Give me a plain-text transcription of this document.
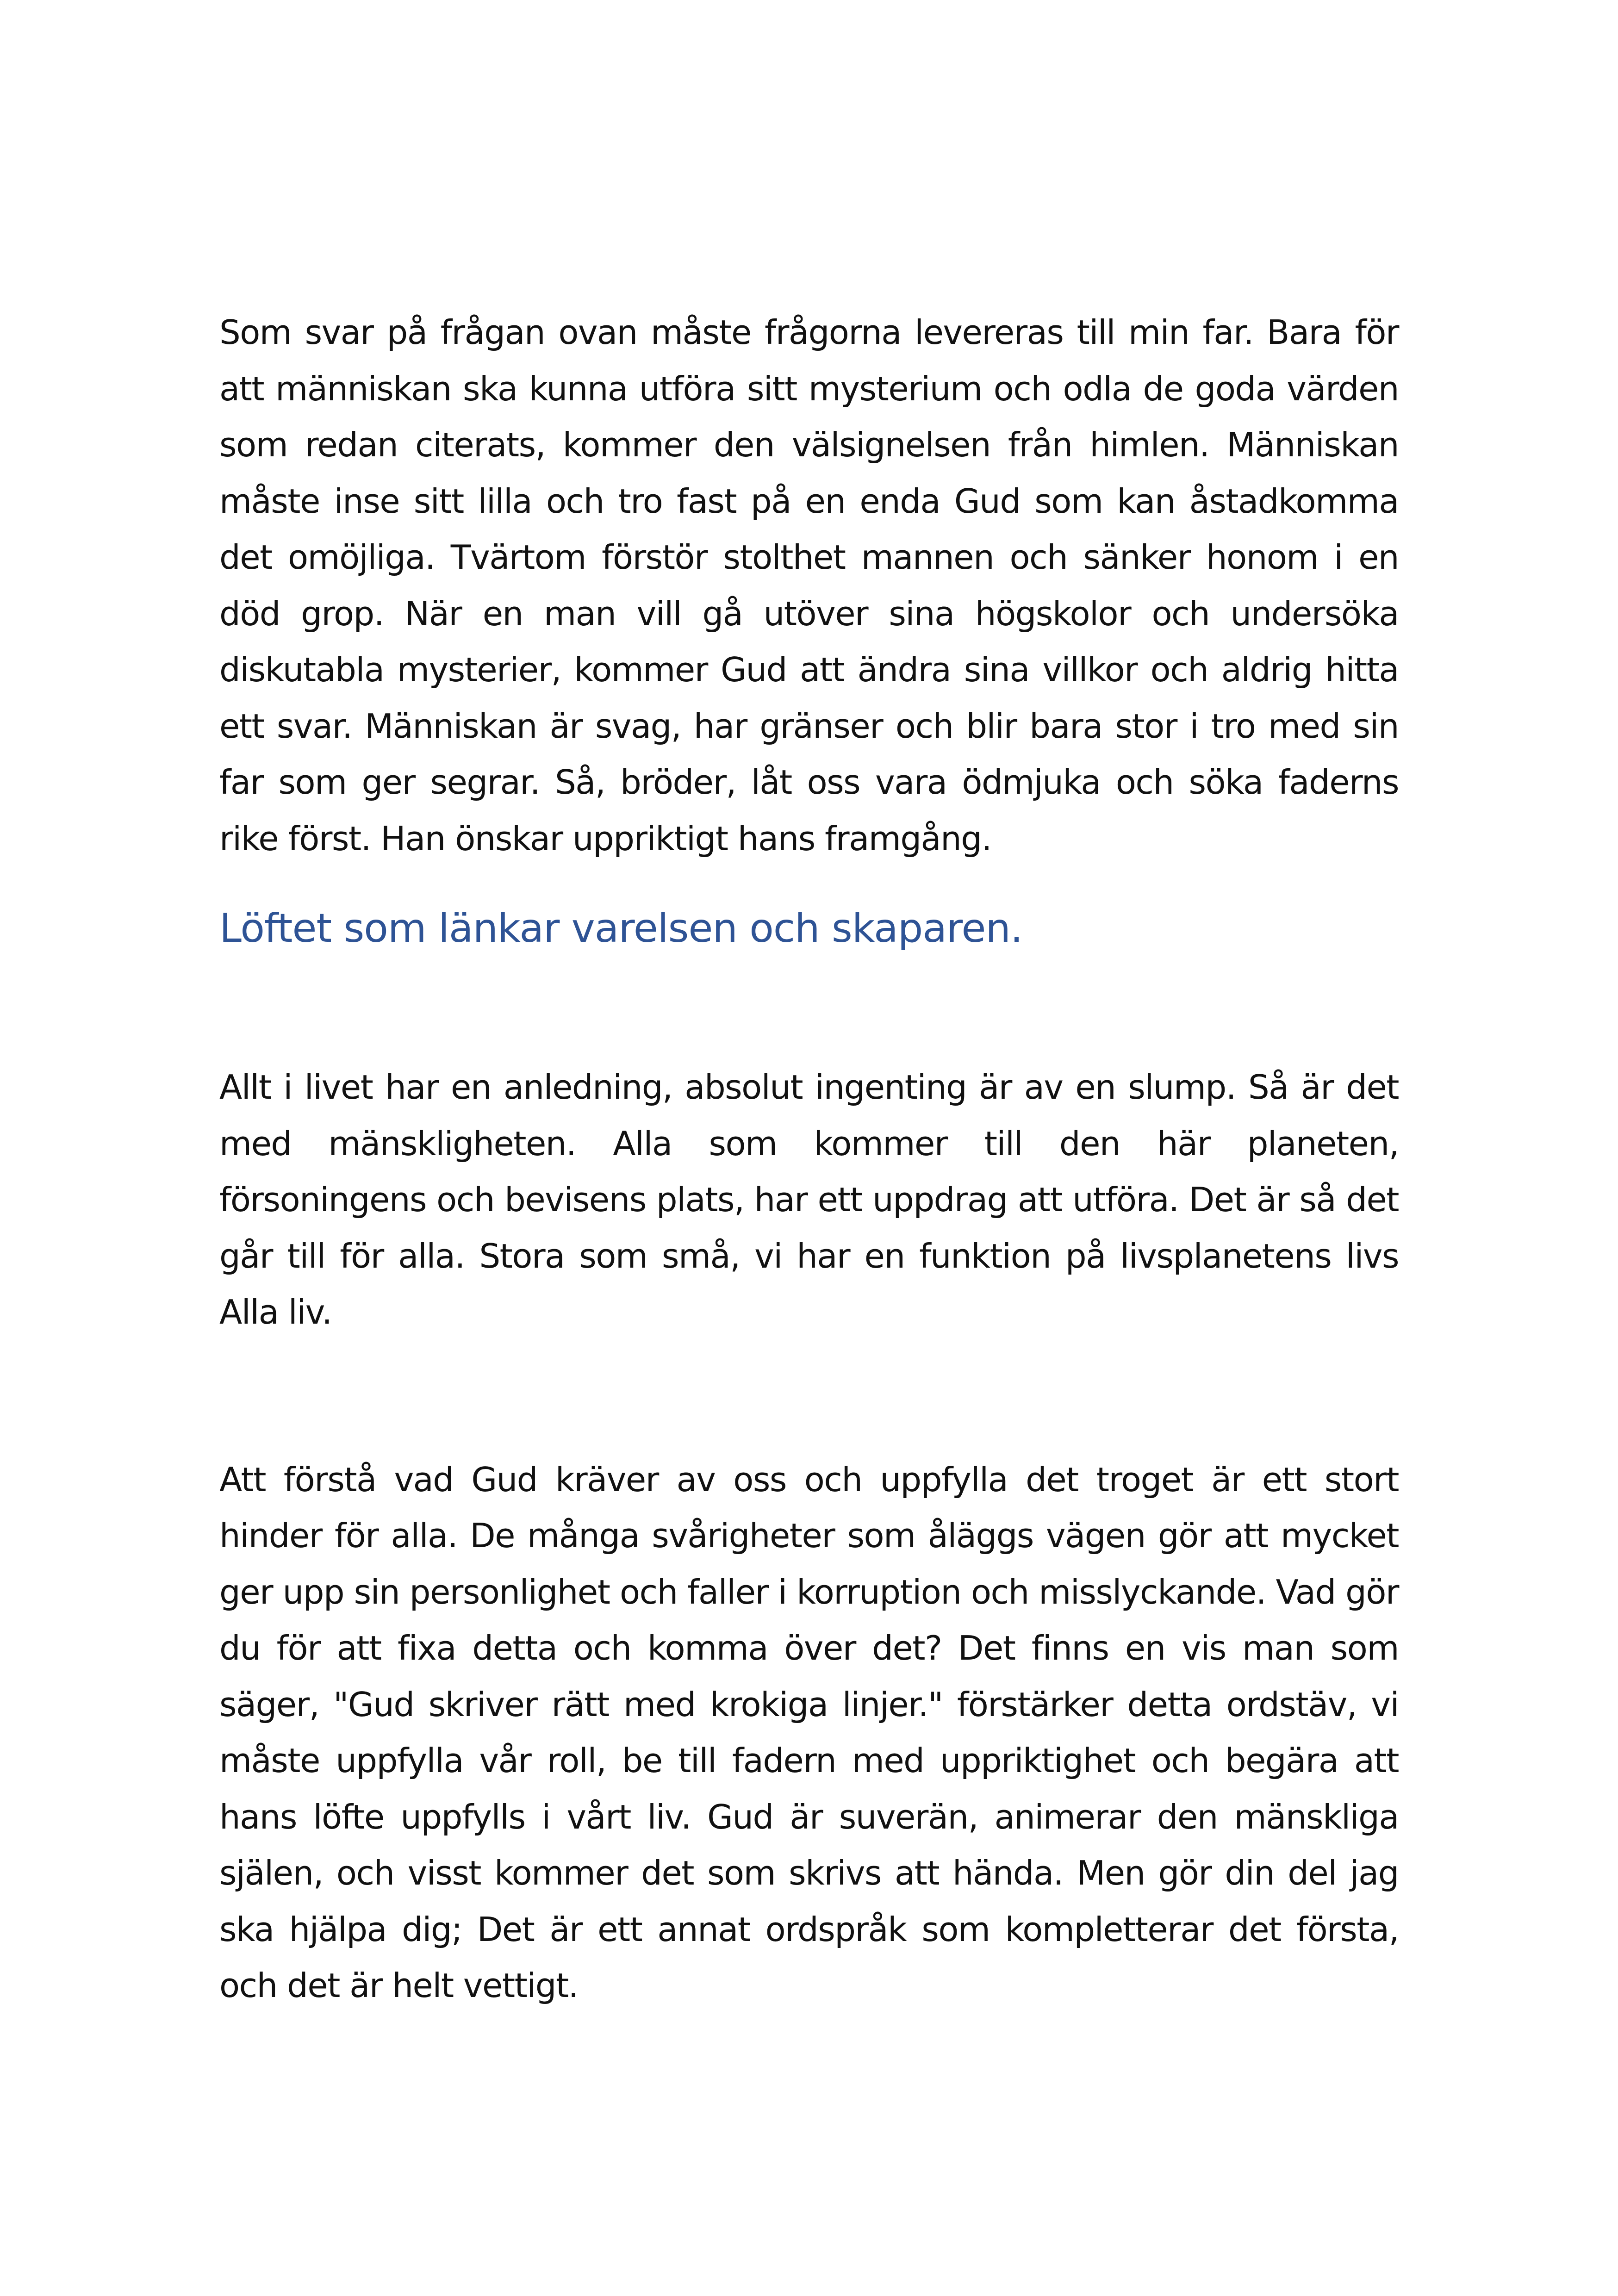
Som svar på frågan ovan måste frågorna levereras till min far. Bara för att människan ska kunna utföra sitt mysterium och odla de goda värden som redan citerats, kommer den välsignelsen från himlen. Människan måste inse sitt lilla och tro fast på en enda Gud som kan åstadkomma det omöjliga. Tvärtom förstör stolthet mannen och sänker honom i en död grop. När en man vill gå utöver sina högskolor och undersöka diskutabla mysterier, kommer Gud att ändra sina villkor och aldrig hitta ett svar. Människan är svag, har gränser och blir bara stor i tro med sin far som ger segrar. Så, bröder, låt oss vara ödmjuka och söka faderns rike först. Han önskar uppriktigt hans framgång.

Löftet som länkar varelsen och skaparen.

Allt i livet har en anledning, absolut ingenting är av en slump. Så är det med mänskligheten. Alla som kommer till den här planeten, försoningens och bevisens plats, har ett uppdrag att utföra. Det är så det går till för alla. Stora som små, vi har en funktion på livsplanetens livs Alla liv.

Att förstå vad Gud kräver av oss och uppfylla det troget är ett stort hinder för alla. De många svårigheter som åläggs vägen gör att mycket ger upp sin personlighet och faller i korruption och misslyckande. Vad gör du för att fixa detta och komma över det? Det finns en vis man som säger, "Gud skriver rätt med krokiga linjer." förstärker detta ordstäv, vi måste uppfylla vår roll, be till fadern med uppriktighet och begära att hans löfte uppfylls i vårt liv. Gud är suverän, animerar den mänskliga själen, och visst kommer det som skrivs att hända. Men gör din del jag ska hjälpa dig; Det är ett annat ordspråk som kompletterar det första, och det är helt vettigt.
